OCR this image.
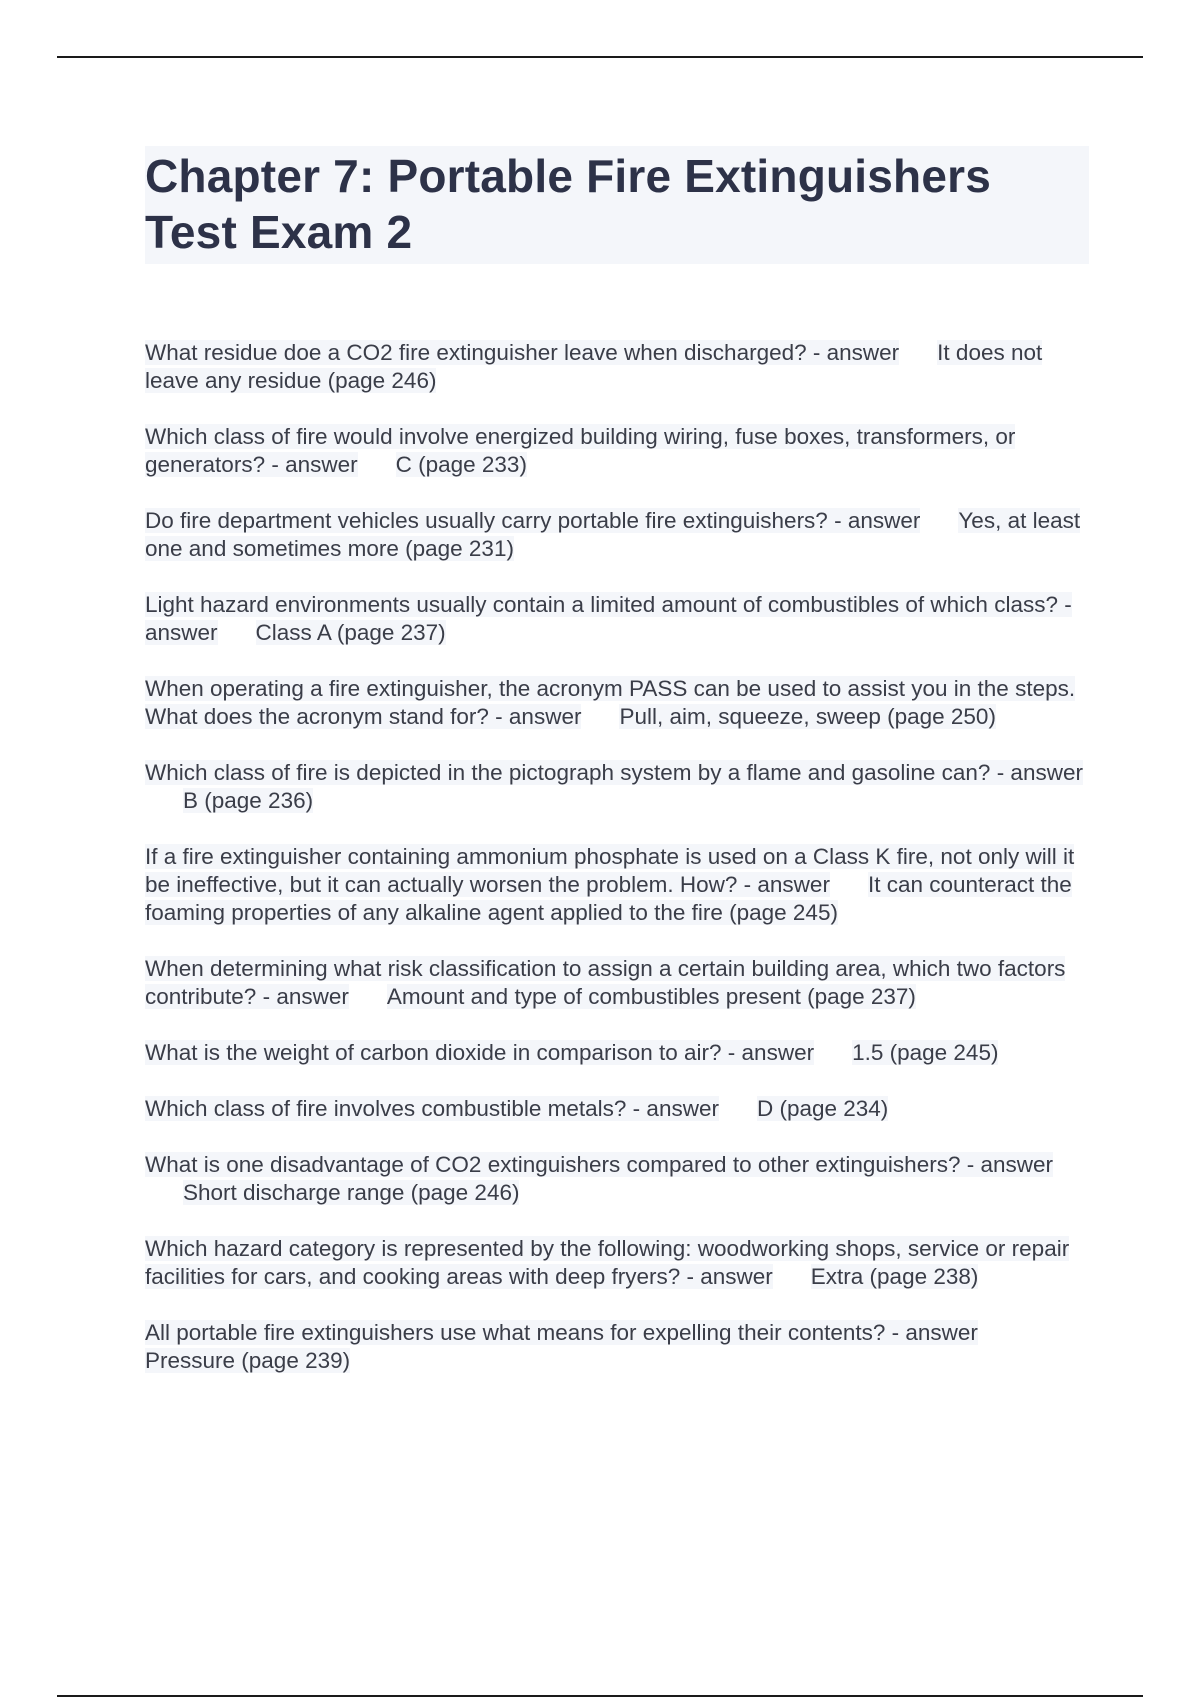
Chapter 7: Portable Fire Extinguishers Test Exam 2

What residue doe a CO2 fire extinguisher leave when discharged? - answer It does not leave any residue (page 246)

Which class of fire would involve energized building wiring, fuse boxes, transformers, or generators? - answer C (page 233)

Do fire department vehicles usually carry portable fire extinguishers? - answer Yes, at least one and sometimes more (page 231)

Light hazard environments usually contain a limited amount of combustibles of which class? - answer Class A (page 237)

When operating a fire extinguisher, the acronym PASS can be used to assist you in the steps. What does the acronym stand for? - answer Pull, aim, squeeze, sweep (page 250)

Which class of fire is depicted in the pictograph system by a flame and gasoline can? - answerB (page 236)

If a fire extinguisher containing ammonium phosphate is used on a Class K fire, not only will it be ineffective, but it can actually worsen the problem. How? - answer It can counteract the foaming properties of any alkaline agent applied to the fire (page 245)

When determining what risk classification to assign a certain building area, which two factors contribute? - answer Amount and type of combustibles present (page 237)

What is the weight of carbon dioxide in comparison to air? - answer 1.5 (page 245)

Which class of fire involves combustible metals? - answer D (page 234)

What is one disadvantage of CO2 extinguishers compared to other extinguishers? - answerShort discharge range (page 246)

Which hazard category is represented by the following: woodworking shops, service or repair facilities for cars, and cooking areas with deep fryers? - answer Extra (page 238)

All portable fire extinguishers use what means for expelling their contents? - answerPressure (page 239)
